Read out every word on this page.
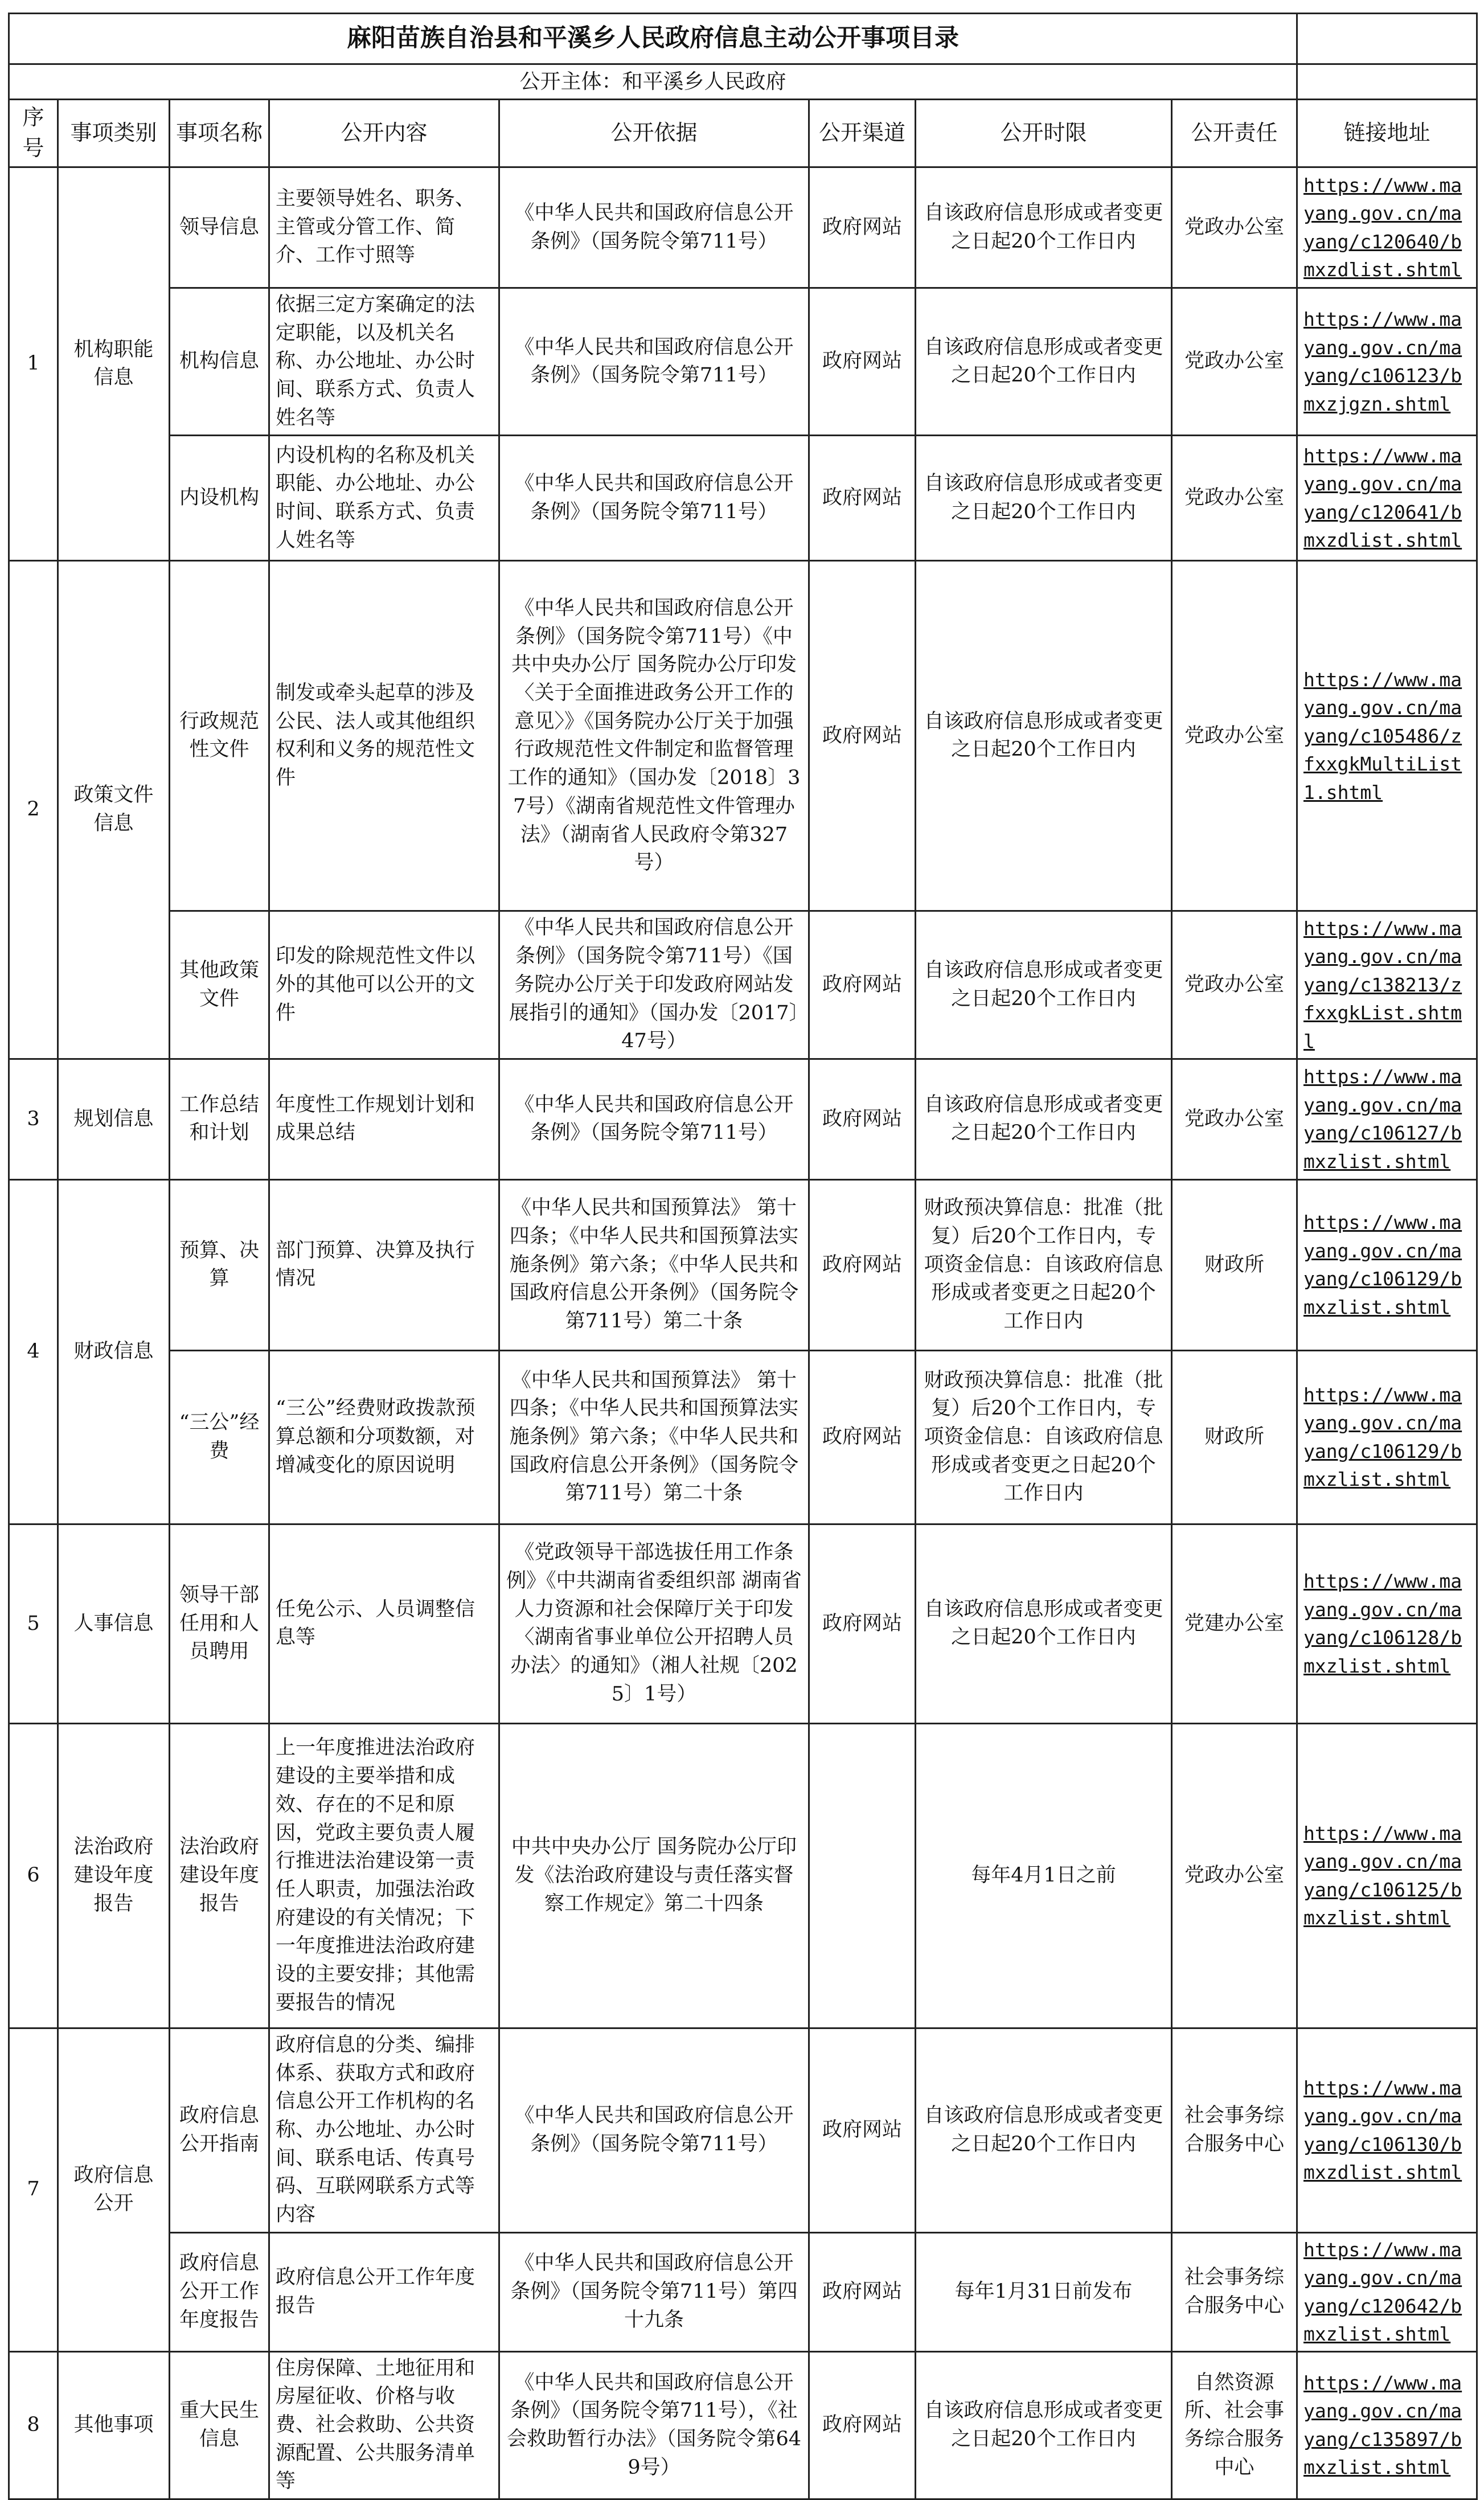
麻阳苗族自治县和平溪乡人民政府信息主动公开事项目录								
公开主体：和平溪乡人民政府								
序号	事项类别	事项名称	公开内容	公开依据	公开渠道	公开时限	公开责任	链接地址
1	机构职能信息	领导信息	主要领导姓名、职务、主管或分管工作、简介、工作寸照等	《中华人民共和国政府信息公开条例》（国务院令第711号）	政府网站	自该政府信息形成或者变更之日起20个工作日内	党政办公室	https://www.mayang.gov.cn/mayang/c120640/bmxzdlist.shtml
		机构信息	依据三定方案确定的法定职能，以及机关名称、办公地址、办公时间、联系方式、负责人姓名等	《中华人民共和国政府信息公开条例》（国务院令第711号）	政府网站	自该政府信息形成或者变更之日起20个工作日内	党政办公室	https://www.mayang.gov.cn/mayang/c106123/bmxzjgzn.shtml
		内设机构	内设机构的名称及机关职能、办公地址、办公时间、联系方式、负责人姓名等	《中华人民共和国政府信息公开条例》（国务院令第711号）	政府网站	自该政府信息形成或者变更之日起20个工作日内	党政办公室	https://www.mayang.gov.cn/mayang/c120641/bmxzdlist.shtml
2	政策文件信息	行政规范性文件	制发或牵头起草的涉及公民、法人或其他组织权利和义务的规范性文件	《中华人民共和国政府信息公开条例》（国务院令第711号）《中共中央办公厅 国务院办公厅印发〈关于全面推进政务公开工作的意见〉》《国务院办公厅关于加强行政规范性文件制定和监督管理工作的通知》（国办发〔2018〕37号）《湖南省规范性文件管理办法》（湖南省人民政府令第327号）	政府网站	自该政府信息形成或者变更之日起20个工作日内	党政办公室	https://www.mayang.gov.cn/mayang/c105486/zfxxgkMultiList1.shtml
		其他政策文件	印发的除规范性文件以外的其他可以公开的文件	《中华人民共和国政府信息公开条例》（国务院令第711号）《国务院办公厅关于印发政府网站发展指引的通知》（国办发〔2017〕47号）	政府网站	自该政府信息形成或者变更之日起20个工作日内	党政办公室	https://www.mayang.gov.cn/mayang/c138213/zfxxgkList.shtml
3	规划信息	工作总结和计划	年度性工作规划计划和成果总结	《中华人民共和国政府信息公开条例》（国务院令第711号）	政府网站	自该政府信息形成或者变更之日起20个工作日内	党政办公室	https://www.mayang.gov.cn/mayang/c106127/bmxzlist.shtml
4	财政信息	预算、决算	部门预算、决算及执行情况	《中华人民共和国预算法》 第十四条；《中华人民共和国预算法实施条例》第六条；《中华人民共和国政府信息公开条例》（国务院令第711号）第二十条	政府网站	财政预决算信息：批准（批复）后20个工作日内，专项资金信息：自该政府信息形成或者变更之日起20个工作日内	财政所	https://www.mayang.gov.cn/mayang/c106129/bmxzlist.shtml
		“三公”经费	“三公”经费财政拨款预算总额和分项数额，对增减变化的原因说明	《中华人民共和国预算法》 第十四条；《中华人民共和国预算法实施条例》第六条；《中华人民共和国政府信息公开条例》（国务院令第711号）第二十条	政府网站	财政预决算信息：批准（批复）后20个工作日内，专项资金信息：自该政府信息形成或者变更之日起20个工作日内	财政所	https://www.mayang.gov.cn/mayang/c106129/bmxzlist.shtml
5	人事信息	领导干部任用和人员聘用	任免公示、人员调整信息等	《党政领导干部选拔任用工作条例》《中共湖南省委组织部 湖南省人力资源和社会保障厅关于印发〈湖南省事业单位公开招聘人员办法〉的通知》（湘人社规〔2025〕1号）	政府网站	自该政府信息形成或者变更之日起20个工作日内	党建办公室	https://www.mayang.gov.cn/mayang/c106128/bmxzlist.shtml
6	法治政府建设年度报告	法治政府建设年度报告	上一年度推进法治政府建设的主要举措和成效、存在的不足和原因，党政主要负责人履行推进法治建设第一责任人职责，加强法治政府建设的有关情况；下一年度推进法治政府建设的主要安排；其他需要报告的情况	中共中央办公厅 国务院办公厅印发《法治政府建设与责任落实督察工作规定》第二十四条		每年4月1日之前	党政办公室	https://www.mayang.gov.cn/mayang/c106125/bmxzlist.shtml
7	政府信息公开	政府信息公开指南	政府信息的分类、编排体系、获取方式和政府信息公开工作机构的名称、办公地址、办公时间、联系电话、传真号码、互联网联系方式等内容	《中华人民共和国政府信息公开条例》（国务院令第711号）	政府网站	自该政府信息形成或者变更之日起20个工作日内	社会事务综合服务中心	https://www.mayang.gov.cn/mayang/c106130/bmxzdlist.shtml
		政府信息公开工作年度报告	政府信息公开工作年度报告	《中华人民共和国政府信息公开条例》（国务院令第711号）第四十九条	政府网站	每年1月31日前发布	社会事务综合服务中心	https://www.mayang.gov.cn/mayang/c120642/bmxzlist.shtml
8	其他事项	重大民生信息	住房保障、土地征用和房屋征收、价格与收费、社会救助、公共资源配置、公共服务清单等	《中华人民共和国政府信息公开条例》（国务院令第711号），《社会救助暂行办法》（国务院令第649号）	政府网站	自该政府信息形成或者变更之日起20个工作日内	自然资源所、社会事务综合服务中心	https://www.mayang.gov.cn/mayang/c135897/bmxzlist.shtml
